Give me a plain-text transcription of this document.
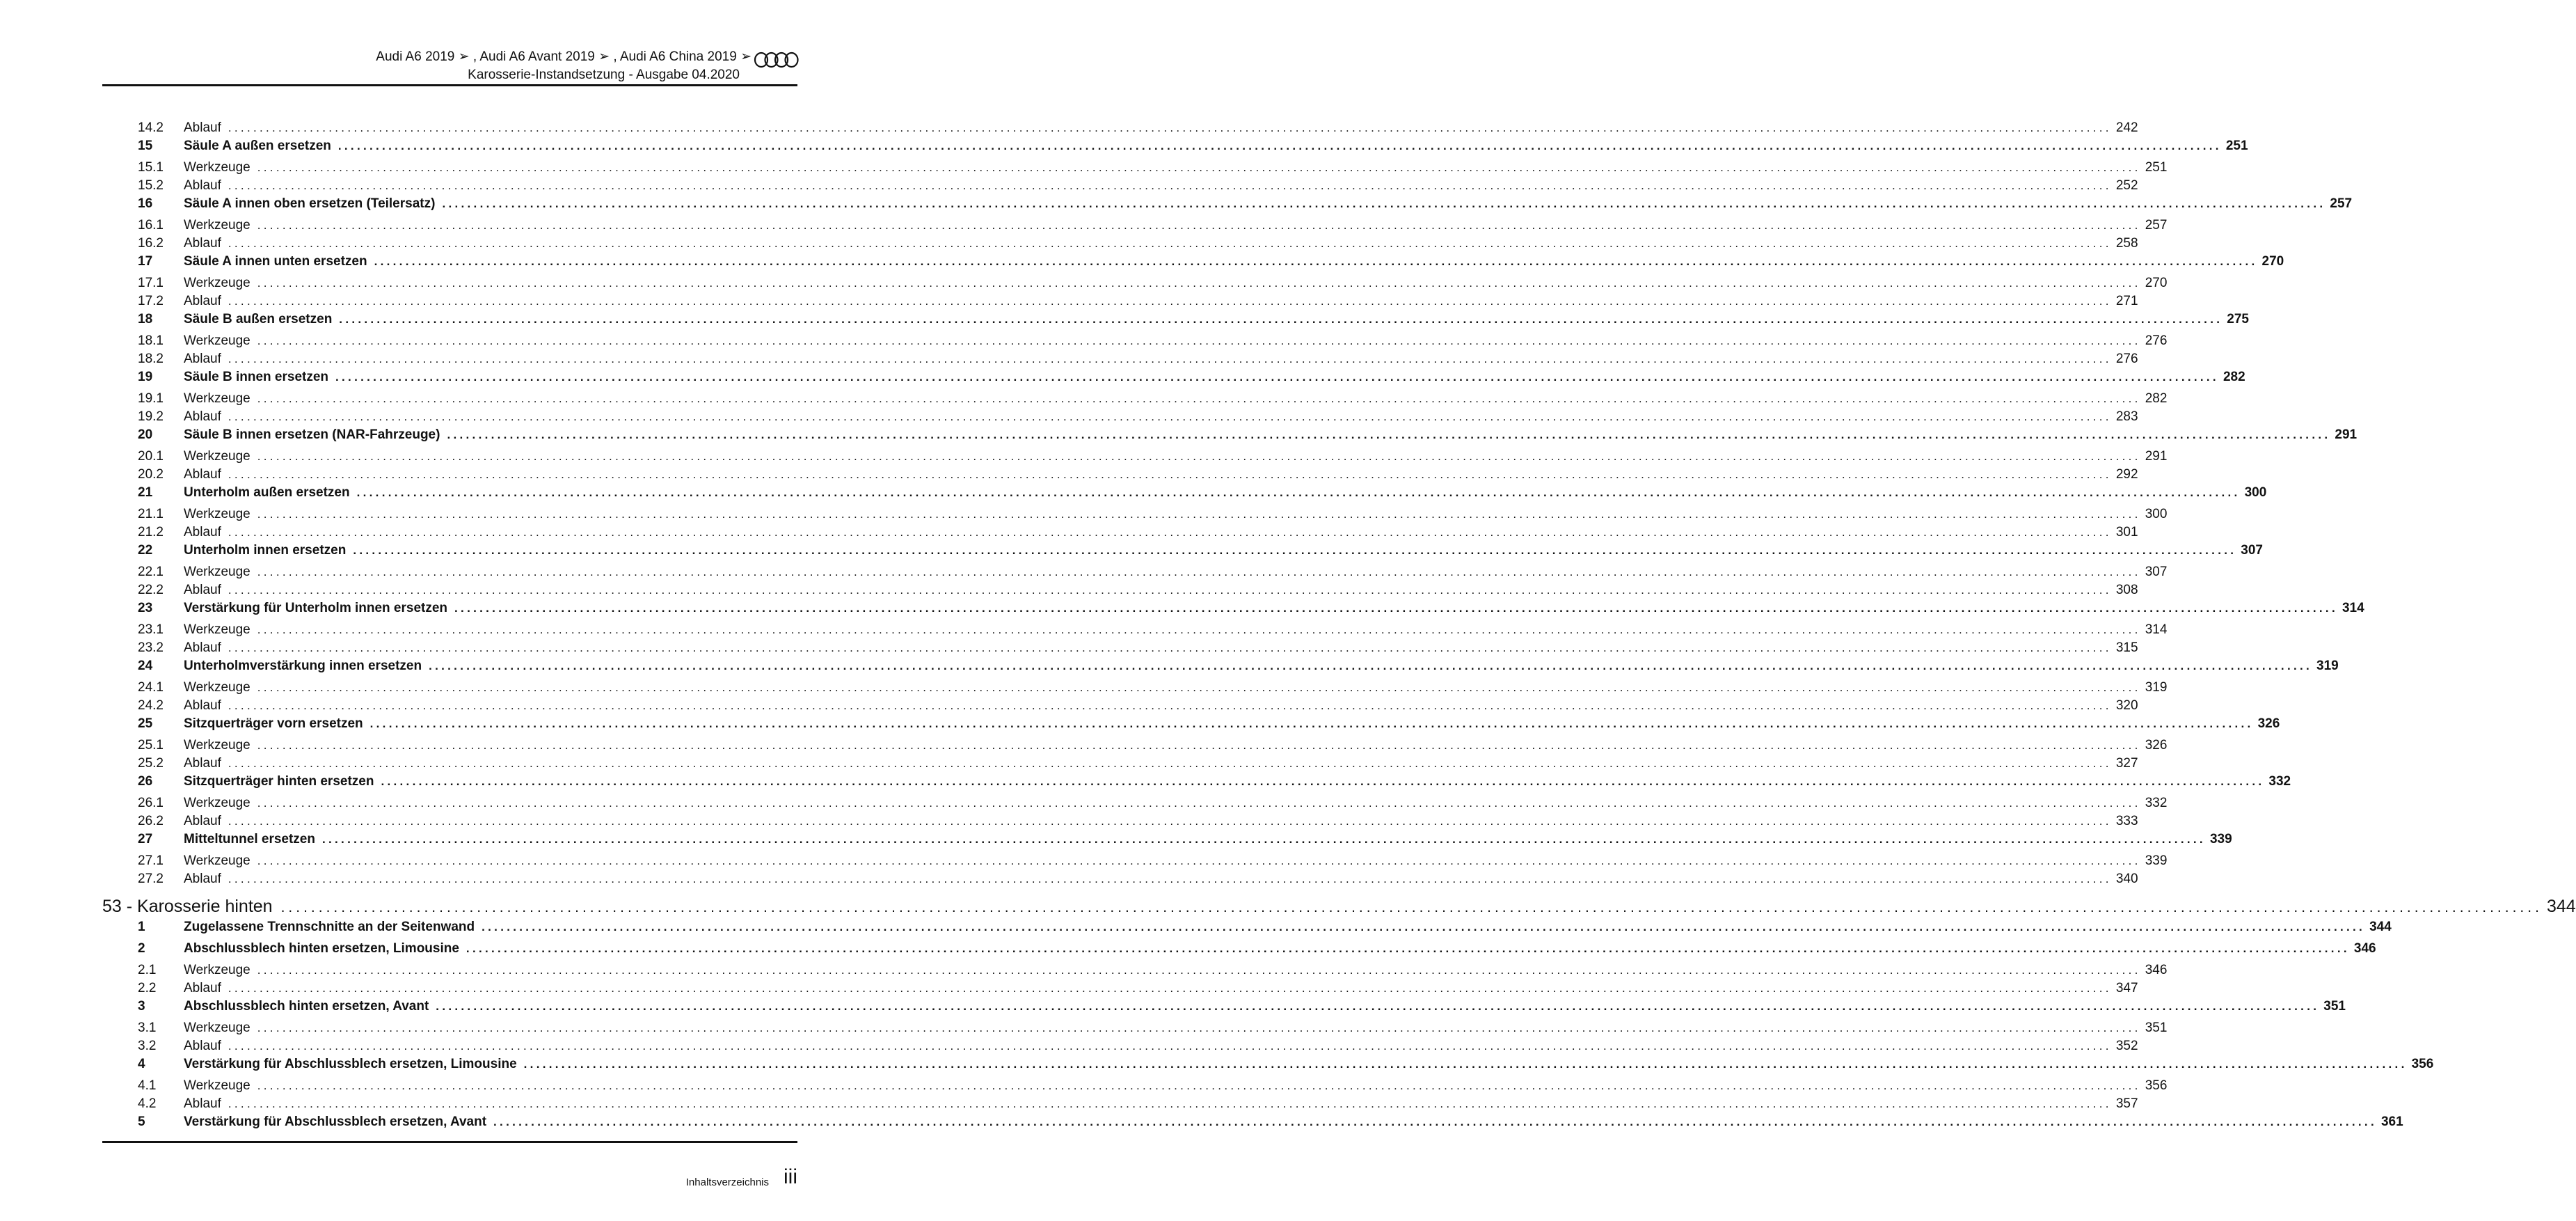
Audi A6 2019 ➢ , Audi A6 Avant 2019 ➢ , Audi A6 China 2019 ➢
Karosserie-Instandsetzung - Ausgabe 04.2020
14.2	Ablauf ............................................................................................................................................................................................................................................................................................................ 242
15	Säule A außen ersetzen ............................................................................................................................................................................................................................................................................................................ 251
15.1	Werkzeuge ............................................................................................................................................................................................................................................................................................................ 251
15.2	Ablauf ............................................................................................................................................................................................................................................................................................................ 252
16	Säule A innen oben ersetzen (Teilersatz) ............................................................................................................................................................................................................................................................................................................ 257
16.1	Werkzeuge ............................................................................................................................................................................................................................................................................................................ 257
16.2	Ablauf ............................................................................................................................................................................................................................................................................................................ 258
17	Säule A innen unten ersetzen ............................................................................................................................................................................................................................................................................................................ 270
17.1	Werkzeuge ............................................................................................................................................................................................................................................................................................................ 270
17.2	Ablauf ............................................................................................................................................................................................................................................................................................................ 271
18	Säule B außen ersetzen ............................................................................................................................................................................................................................................................................................................ 275
18.1	Werkzeuge ............................................................................................................................................................................................................................................................................................................ 276
18.2	Ablauf ............................................................................................................................................................................................................................................................................................................ 276
19	Säule B innen ersetzen ............................................................................................................................................................................................................................................................................................................ 282
19.1	Werkzeuge ............................................................................................................................................................................................................................................................................................................ 282
19.2	Ablauf ............................................................................................................................................................................................................................................................................................................ 283
20	Säule B innen ersetzen (NAR-Fahrzeuge) ............................................................................................................................................................................................................................................................................................................ 291
20.1	Werkzeuge ............................................................................................................................................................................................................................................................................................................ 291
20.2	Ablauf ............................................................................................................................................................................................................................................................................................................ 292
21	Unterholm außen ersetzen ............................................................................................................................................................................................................................................................................................................ 300
21.1	Werkzeuge ............................................................................................................................................................................................................................................................................................................ 300
21.2	Ablauf ............................................................................................................................................................................................................................................................................................................ 301
22	Unterholm innen ersetzen ............................................................................................................................................................................................................................................................................................................ 307
22.1	Werkzeuge ............................................................................................................................................................................................................................................................................................................ 307
22.2	Ablauf ............................................................................................................................................................................................................................................................................................................ 308
23	Verstärkung für Unterholm innen ersetzen ............................................................................................................................................................................................................................................................................................................ 314
23.1	Werkzeuge ............................................................................................................................................................................................................................................................................................................ 314
23.2	Ablauf ............................................................................................................................................................................................................................................................................................................ 315
24	Unterholmverstärkung innen ersetzen ............................................................................................................................................................................................................................................................................................................ 319
24.1	Werkzeuge ............................................................................................................................................................................................................................................................................................................ 319
24.2	Ablauf ............................................................................................................................................................................................................................................................................................................ 320
25	Sitzquerträger vorn ersetzen ............................................................................................................................................................................................................................................................................................................ 326
25.1	Werkzeuge ............................................................................................................................................................................................................................................................................................................ 326
25.2	Ablauf ............................................................................................................................................................................................................................................................................................................ 327
26	Sitzquerträger hinten ersetzen ............................................................................................................................................................................................................................................................................................................ 332
26.1	Werkzeuge ............................................................................................................................................................................................................................................................................................................ 332
26.2	Ablauf ............................................................................................................................................................................................................................................................................................................ 333
27	Mitteltunnel ersetzen ............................................................................................................................................................................................................................................................................................................ 339
27.1	Werkzeuge ............................................................................................................................................................................................................................................................................................................ 339
27.2	Ablauf ............................................................................................................................................................................................................................................................................................................ 340
53 - Karosserie hinten ............................................................................................................................................................................................................................................................................................................ 344
1	Zugelassene Trennschnitte an der Seitenwand ............................................................................................................................................................................................................................................................................................................ 344
2	Abschlussblech hinten ersetzen, Limousine ............................................................................................................................................................................................................................................................................................................ 346
2.1	Werkzeuge ............................................................................................................................................................................................................................................................................................................ 346
2.2	Ablauf ............................................................................................................................................................................................................................................................................................................ 347
3	Abschlussblech hinten ersetzen, Avant ............................................................................................................................................................................................................................................................................................................ 351
3.1	Werkzeuge ............................................................................................................................................................................................................................................................................................................ 351
3.2	Ablauf ............................................................................................................................................................................................................................................................................................................ 352
4	Verstärkung für Abschlussblech ersetzen, Limousine ............................................................................................................................................................................................................................................................................................................ 356
4.1	Werkzeuge ............................................................................................................................................................................................................................................................................................................ 356
4.2	Ablauf ............................................................................................................................................................................................................................................................................................................ 357
5	Verstärkung für Abschlussblech ersetzen, Avant ............................................................................................................................................................................................................................................................................................................ 361
Inhaltsverzeichnis iii
